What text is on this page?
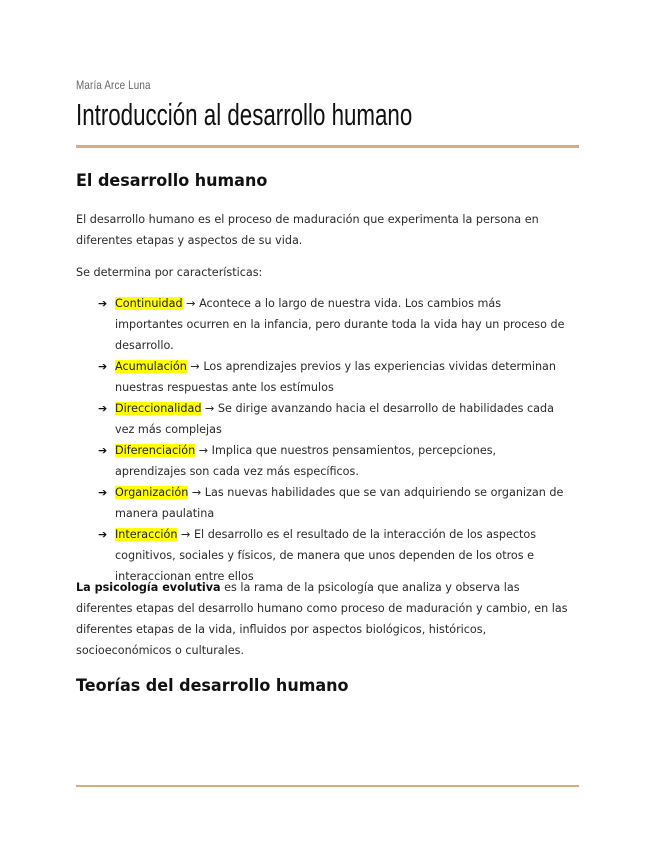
María Arce Luna
Introducción al desarrollo humano
El desarrollo humano

El desarrollo humano es el proceso de maduración que experimenta la persona en diferentes etapas y aspectos de su vida.

Se determina por características:

➔ Continuidad → Acontece a lo largo de nuestra vida. Los cambios más importantes ocurren en la infancia, pero durante toda la vida hay un proceso de desarrollo.
➔ Acumulación → Los aprendizajes previos y las experiencias vividas determinan nuestras respuestas ante los estímulos
➔ Direccionalidad → Se dirige avanzando hacia el desarrollo de habilidades cada vez más complejas
➔ Diferenciación → Implica que nuestros pensamientos, percepciones, aprendizajes son cada vez más específicos.
➔ Organización → Las nuevas habilidades que se van adquiriendo se organizan de manera paulatina
➔ Interacción → El desarrollo es el resultado de la interacción de los aspectos cognitivos, sociales y físicos, de manera que unos dependen de los otros e interaccionan entre ellos

La psicología evolutiva es la rama de la psicología que analiza y observa las diferentes etapas del desarrollo humano como proceso de maduración y cambio, en las diferentes etapas de la vida, influidos por aspectos biológicos, históricos, socioeconómicos o culturales.

Teorías del desarrollo humano
